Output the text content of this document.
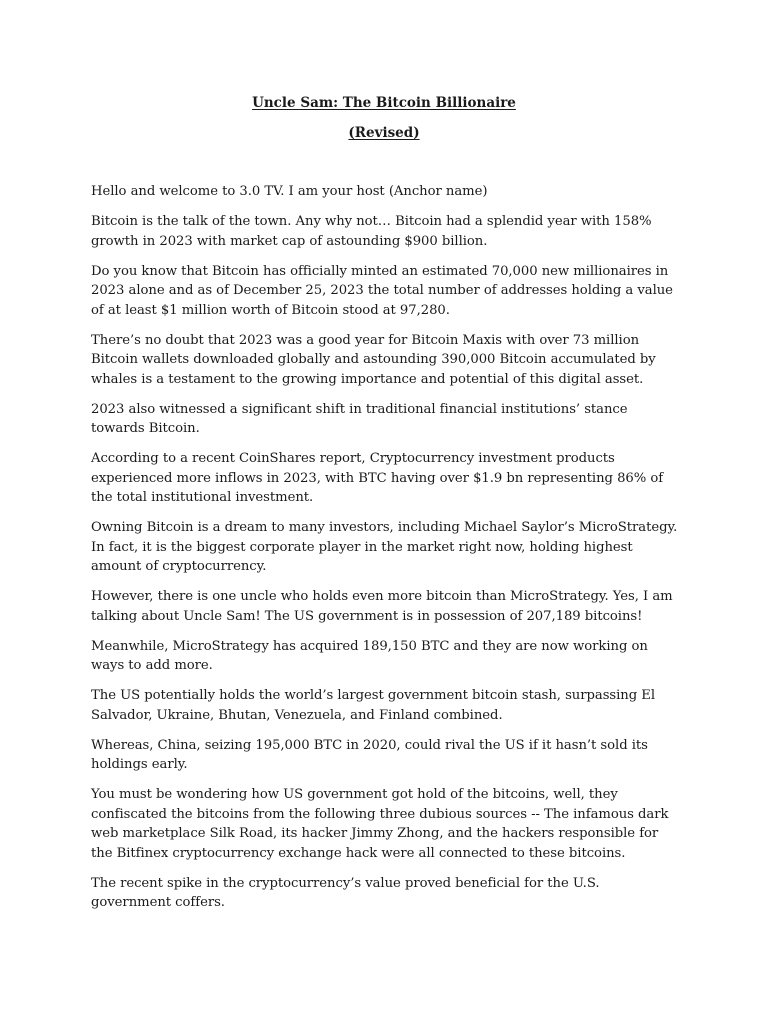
Uncle Sam: The Bitcoin Billionaire
(Revised)

Hello and welcome to 3.0 TV. I am your host (Anchor name)

Bitcoin is the talk of the town. Any why not… Bitcoin had a splendid year with 158% growth in 2023 with market cap of astounding $900 billion.

Do you know that Bitcoin has officially minted an estimated 70,000 new millionaires in 2023 alone and as of December 25, 2023 the total number of addresses holding a value of at least $1 million worth of Bitcoin stood at 97,280.

There’s no doubt that 2023 was a good year for Bitcoin Maxis with over 73 million Bitcoin wallets downloaded globally and astounding 390,000 Bitcoin accumulated by whales is a testament to the growing importance and potential of this digital asset.

2023 also witnessed a significant shift in traditional financial institutions’ stance towards Bitcoin.

According to a recent CoinShares report, Cryptocurrency investment products experienced more inflows in 2023, with BTC having over $1.9 bn representing 86% of the total institutional investment.

Owning Bitcoin is a dream to many investors, including Michael Saylor’s MicroStrategy. In fact, it is the biggest corporate player in the market right now, holding highest amount of cryptocurrency.

However, there is one uncle who holds even more bitcoin than MicroStrategy. Yes, I am talking about Uncle Sam! The US government is in possession of 207,189 bitcoins!

Meanwhile, MicroStrategy has acquired 189,150 BTC and they are now working on ways to add more.

The US potentially holds the world’s largest government bitcoin stash, surpassing El Salvador, Ukraine, Bhutan, Venezuela, and Finland combined.

Whereas, China, seizing 195,000 BTC in 2020, could rival the US if it hasn’t sold its holdings early.

You must be wondering how US government got hold of the bitcoins, well, they confiscated the bitcoins from the following three dubious sources -- The infamous dark web marketplace Silk Road, its hacker Jimmy Zhong, and the hackers responsible for the Bitfinex cryptocurrency exchange hack were all connected to these bitcoins.

The recent spike in the cryptocurrency’s value proved beneficial for the U.S. government coffers.
